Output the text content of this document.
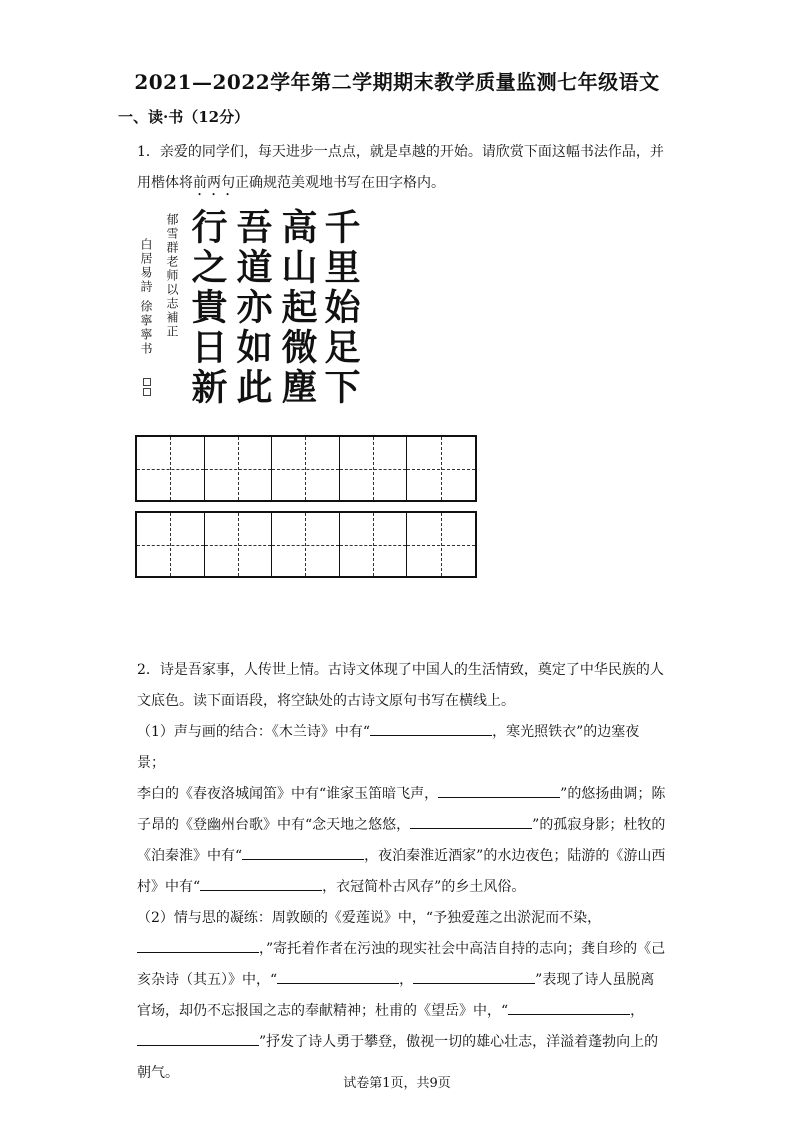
2021—2022学年第二学期期末教学质量监测七年级语文
一、读·书（12分）
1．亲爱的同学们，每天进步一点点，就是卓越的开始。请欣赏下面这幅书法作品，并
用楷体将前两句正确规范美观地书写在田字格内。
白居易詩 徐寧寧书 郁雪群老师以志補正 行之貴日新 吾道亦如此 高山起微塵 千里始足下
2．诗是吾家事，人传世上情。古诗文体现了中国人的生活情致，奠定了中华民族的人
文底色。读下面语段，将空缺处的古诗文原句书写在横线上。
（1）声与画的结合：《木兰诗》中有“	，寒光照铁衣”的边塞夜景；
李白的《春夜洛城闻笛》中有“谁家玉笛暗飞声，	”的悠扬曲调；陈
子昂的《登幽州台歌》中有“念天地之悠悠，	”的孤寂身影；杜牧的
《泊秦淮》中有“	，夜泊秦淮近酒家”的水边夜色；陆游的《游山西
村》中有“	，衣冠简朴古风存”的乡土风俗。
（2）情与思的凝练：周敦颐的《爱莲说》中，“予独爱莲之出淤泥而不染，
，”寄托着作者在污浊的现实社会中高洁自持的志向；龚自珍的《己
亥杂诗（其五）》中，“	，	”表现了诗人虽脱离
官场，却仍不忘报国之志的奉献精神；杜甫的《望岳》中，“	，
”抒发了诗人勇于攀登，傲视一切的雄心壮志，洋溢着蓬勃向上的
朝气。
试卷第1页，共9页
